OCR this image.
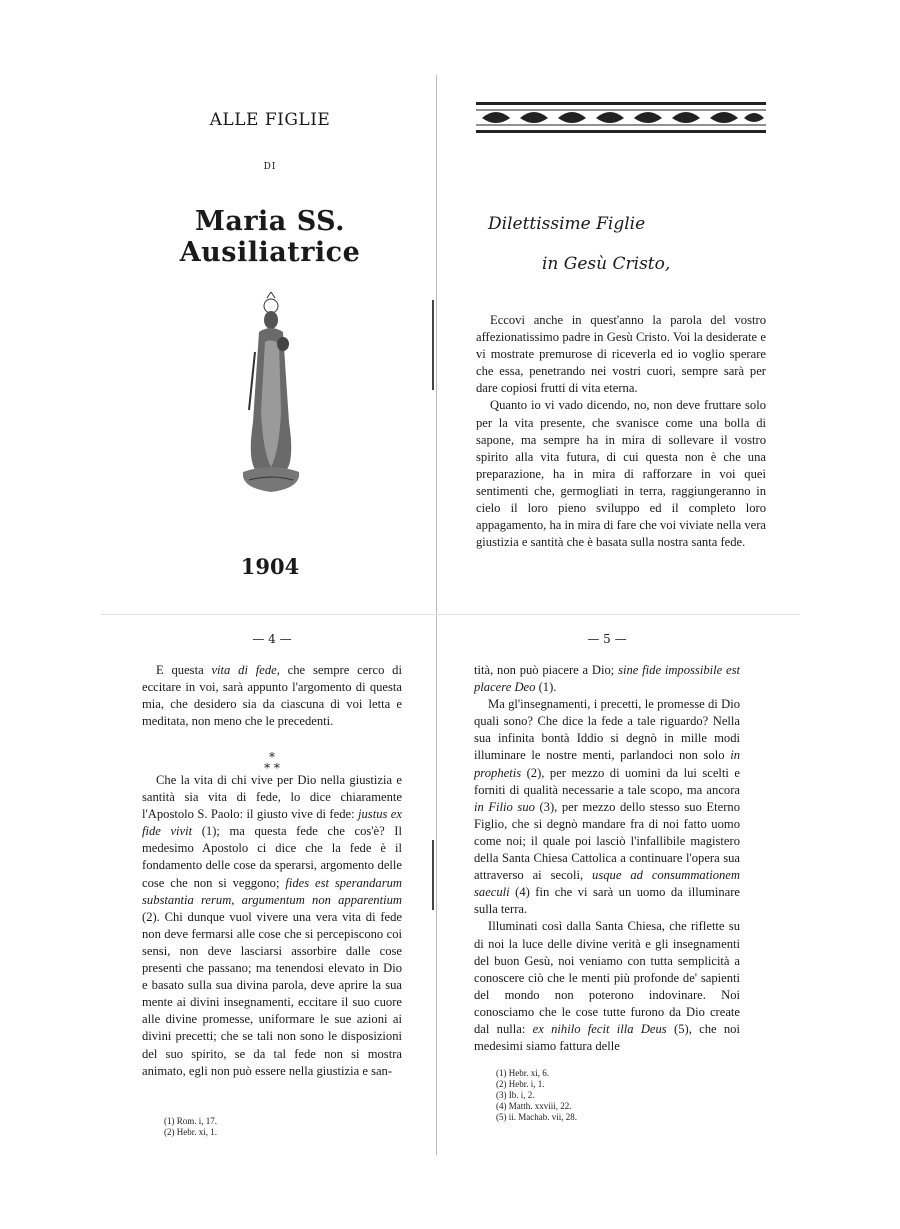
ALLE FIGLIE
DI
Maria SS. Ausiliatrice
1904
Dilettissime Figlie
in Gesù Cristo,

Eccovi anche in quest'anno la parola del vostro affezionatissimo padre in Gesù Cristo. Voi la desiderate e vi mostrate premurose di riceverla ed io voglio sperare che essa, penetrando nei vostri cuori, sempre sarà per dare copiosi frutti di vita eterna.

Quanto io vi vado dicendo, no, non deve fruttare solo per la vita presente, che svanisce come una bolla di sapone, ma sempre ha in mira di sollevare il vostro spirito alla vita futura, di cui questa non è che una preparazione, ha in mira di rafforzare in voi quei sentimenti che, germogliati in terra, raggiungeranno in cielo il loro pieno sviluppo ed il completo loro appagamento, ha in mira di fare che voi viviate nella vera giustizia e santità che è basata sulla nostra santa fede.

— 4 —

E questa vita di fede, che sempre cerco di eccitare in voi, sarà appunto l'argomento di questa mia, che desidero sia da ciascuna di voi letta e meditata, non meno che le precedenti.

*
* *

Che la vita di chi vive per Dio nella giustizia e santità sia vita di fede, lo dice chiaramente l'Apostolo S. Paolo: il giusto vive di fede: justus ex fide vivit (1); ma questa fede che cos'è? Il medesimo Apostolo ci dice che la fede è il fondamento delle cose da sperarsi, argomento delle cose che non si veggono; fides est sperandarum substantia rerum, argumentum non apparentium (2). Chi dunque vuol vivere una vera vita di fede non deve fermarsi alle cose che si percepiscono coi sensi, non deve lasciarsi assorbire dalle cose presenti che passano; ma tenendosi elevato in Dio e basato sulla sua divina parola, deve aprire la sua mente ai divini insegnamenti, eccitare il suo cuore alle divine promesse, uniformare le sue azioni ai divini precetti; che se tali non sono le disposizioni del suo spirito, se da tal fede non si mostra animato, egli non può essere nella giustizia e san-

(1) Rom. i, 17.
(2) Hebr. xi, 1.
— 5 —

tità, non può piacere a Dio; sine fide impossibile est placere Deo (1).

Ma gl'insegnamenti, i precetti, le promesse di Dio quali sono? Che dice la fede a tale riguardo? Nella sua infinita bontà Iddio si degnò in mille modi illuminare le nostre menti, parlandoci non solo in prophetis (2), per mezzo di uomini da lui scelti e forniti di qualità necessarie a tale scopo, ma ancora in Filio suo (3), per mezzo dello stesso suo Eterno Figlio, che si degnò mandare fra di noi fatto uomo come noi; il quale poi lasciò l'infallibile magistero della Santa Chiesa Cattolica a continuare l'opera sua attraverso ai secoli, usque ad consummationem saeculi (4) fin che vi sarà un uomo da illuminare sulla terra.

Illuminati così dalla Santa Chiesa, che riflette su di noi la luce delle divine verità e gli insegnamenti del buon Gesù, noi veniamo con tutta semplicità a conoscere ciò che le menti più profonde de' sapienti del mondo non poterono indovinare. Noi conosciamo che le cose tutte furono da Dio create dal nulla: ex nihilo fecit illa Deus (5), che noi medesimi siamo fattura delle

(1) Hebr. xi, 6.
(2) Hebr. i, 1.
(3) Ib. i, 2.
(4) Matth. xxviii, 22.
(5) ii. Machab. vii, 28.
